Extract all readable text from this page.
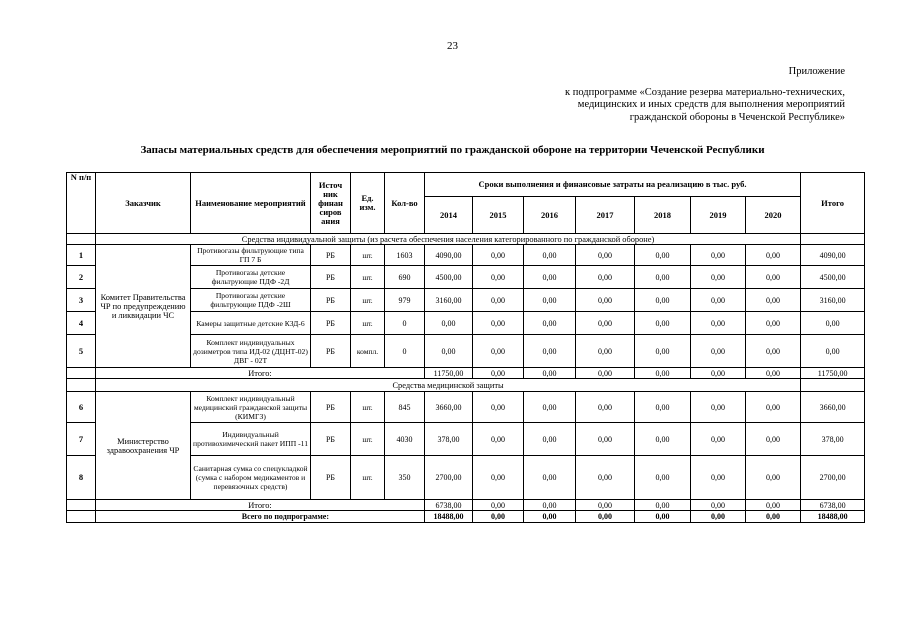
23
Приложение
к подпрограмме «Создание резерва материально-технических,
медицинских и иных средств для выполнения мероприятий
гражданской обороны в Чеченской Республике»
Запасы материальных средств для обеспечения мероприятий по гражданской обороне на территории Чеченской Республики
N п/п	Заказчик	Наименование мероприятий	Источ ник финан сиров ания	Ед. изм.	Кол-во	Сроки выполнения и финансовые затраты на реализацию в тыс. руб.							Итого
						2014	2015	2016	2017	2018	2019	2020	
	Средства индивидуальной защиты (из расчета обеспечения населения категорированного по гражданской обороне)												
1	Комитет Правительства ЧР по предупреждению и ликвидации ЧС	Противогазы фильтрующие типа ГП 7 Б	РБ	шт.	1603	4090,00	0,00	0,00	0,00	0,00	0,00	0,00	4090,00
2		Противогазы детские фильтрующие ПДФ -2Д	РБ	шт.	690	4500,00	0,00	0,00	0,00	0,00	0,00	0,00	4500,00
3		Противогазы детские фильтрующие ПДФ -2Ш	РБ	шт.	979	3160,00	0,00	0,00	0,00	0,00	0,00	0,00	3160,00
4		Камеры защитные детские КЗД-6	РБ	шт.	0	0,00	0,00	0,00	0,00	0,00	0,00	0,00	0,00
5		Комплект индивидуальных дозиметров типа ИД-02 (ДЦНТ-02) ДВГ - 02Т	РБ	компл.	0	0,00	0,00	0,00	0,00	0,00	0,00	0,00	0,00
	Итого:					11750,00	0,00	0,00	0,00	0,00	0,00	0,00	11750,00
	Средства медицинской защиты												
6	Министерство здравоохранения ЧР	Комплект индивидуальный медицинский гражданской защиты (КИМГЗ)	РБ	шт.	845	3660,00	0,00	0,00	0,00	0,00	0,00	0,00	3660,00
7		Индивидуальный противохимический пакет ИПП -11	РБ	шт.	4030	378,00	0,00	0,00	0,00	0,00	0,00	0,00	378,00
8		Санитарная сумка со спецукладкой (сумка с набором медикаментов и перевязочных средств)	РБ	шт.	350	2700,00	0,00	0,00	0,00	0,00	0,00	0,00	2700,00
	Итого:					6738,00	0,00	0,00	0,00	0,00	0,00	0,00	6738,00
	Всего по подпрограмме:					18488,00	0,00	0,00	0,00	0,00	0,00	0,00	18488,00
